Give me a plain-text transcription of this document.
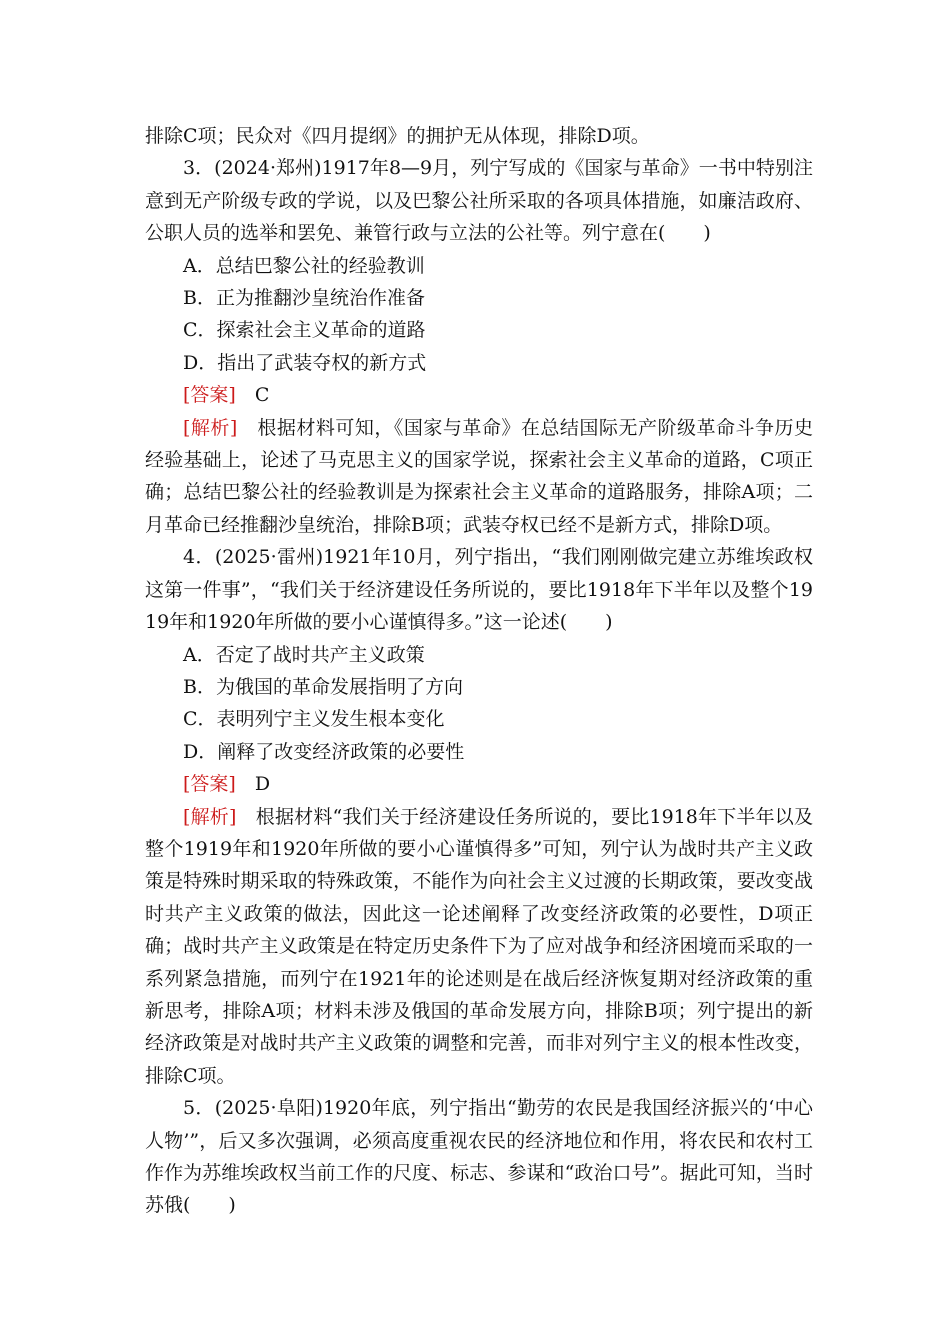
排除C项；民众对《四月提纲》的拥护无从体现，排除D项。

3．(2024·郑州)1917年8—9月，列宁写成的《国家与革命》一书中特别注意到无产阶级专政的学说，以及巴黎公社所采取的各项具体措施，如廉洁政府、公职人员的选举和罢免、兼管行政与立法的公社等。列宁意在(　　)

A．总结巴黎公社的经验教训

B．正为推翻沙皇统治作准备

C．探索社会主义革命的道路

D．指出了武装夺权的新方式

[答案]　 C

[解析]　 根据材料可知，《国家与革命》在总结国际无产阶级革命斗争历史经验基础上，论述了马克思主义的国家学说，探索社会主义革命的道路，C项正确；总结巴黎公社的经验教训是为探索社会主义革命的道路服务，排除A项；二月革命已经推翻沙皇统治，排除B项；武装夺权已经不是新方式，排除D项。

4．(2025·雷州)1921年10月，列宁指出，“我们刚刚做完建立苏维埃政权这第一件事”，“我们关于经济建设任务所说的，要比1918年下半年以及整个1919年和1920年所做的要小心谨慎得多。”这一论述(　　)

A．否定了战时共产主义政策

B．为俄国的革命发展指明了方向

C．表明列宁主义发生根本变化

D．阐释了改变经济政策的必要性

[答案]　 D

[解析]　 根据材料“我们关于经济建设任务所说的，要比1918年下半年以及整个1919年和1920年所做的要小心谨慎得多”可知，列宁认为战时共产主义政策是特殊时期采取的特殊政策，不能作为向社会主义过渡的长期政策，要改变战时共产主义政策的做法，因此这一论述阐释了改变经济政策的必要性，D项正确；战时共产主义政策是在特定历史条件下为了应对战争和经济困境而采取的一系列紧急措施，而列宁在1921年的论述则是在战后经济恢复期对经济政策的重新思考，排除A项；材料未涉及俄国的革命发展方向，排除B项；列宁提出的新经济政策是对战时共产主义政策的调整和完善，而非对列宁主义的根本性改变，排除C项。

5．(2025·阜阳)1920年底，列宁指出“勤劳的农民是我国经济振兴的‘中心人物’”，后又多次强调，必须高度重视农民的经济地位和作用，将农民和农村工作作为苏维埃政权当前工作的尺度、标志、参谋和“政治口号”。据此可知，当时苏俄(　　)
